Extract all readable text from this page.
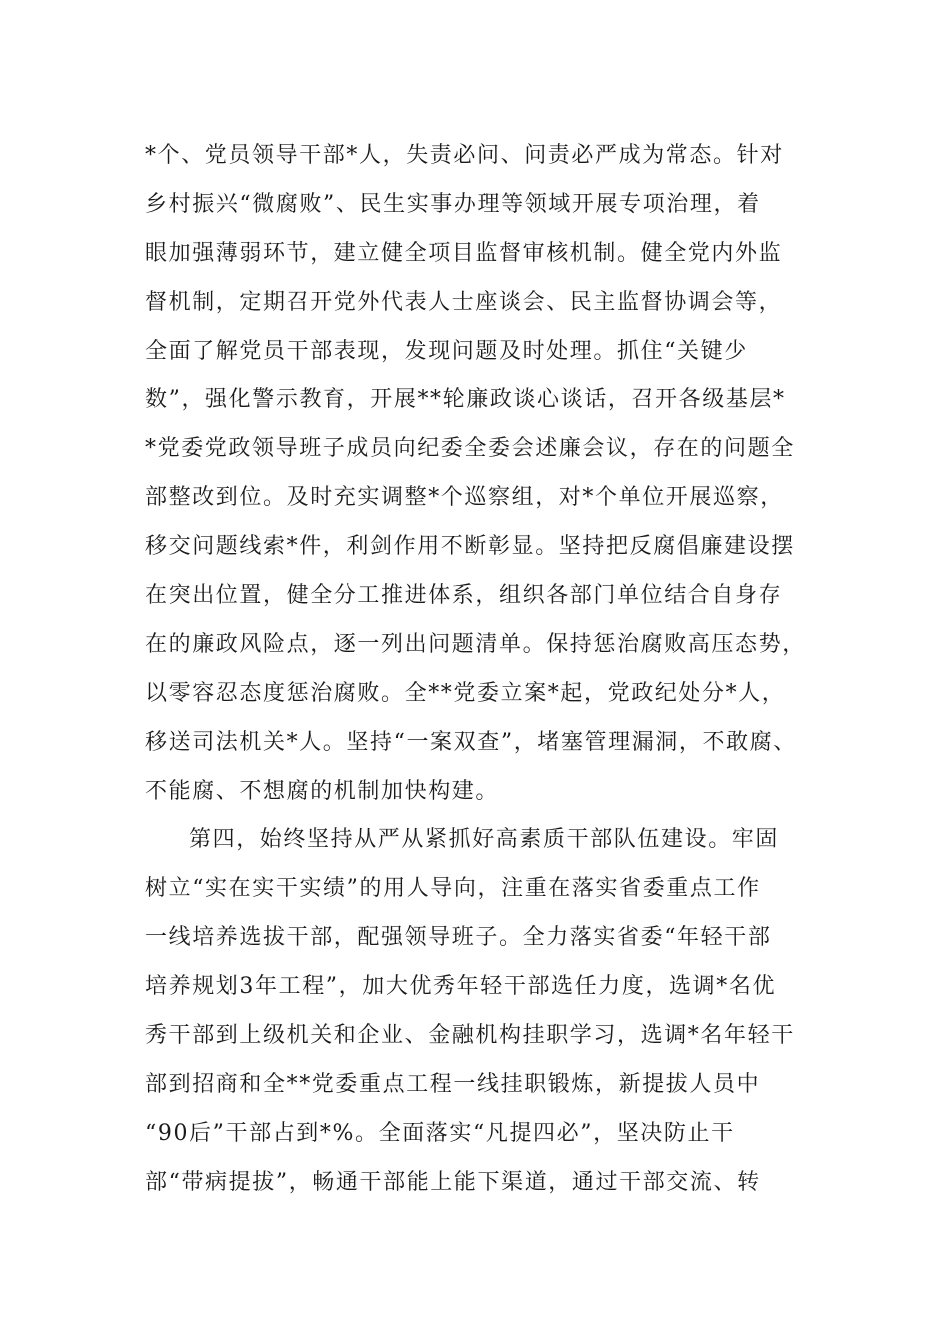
*个、党员领导干部*人，失责必问、问责必严成为常态。针对
乡村振兴“微腐败”、民生实事办理等领域开展专项治理，着
眼加强薄弱环节，建立健全项目监督审核机制。健全党内外监
督机制，定期召开党外代表人士座谈会、民主监督协调会等，
全面了解党员干部表现，发现问题及时处理。抓住“关键少
数”，强化警示教育，开展**轮廉政谈心谈话，召开各级基层*
*党委党政领导班子成员向纪委全委会述廉会议，存在的问题全
部整改到位。及时充实调整*个巡察组，对*个单位开展巡察，
移交问题线索*件，利剑作用不断彰显。坚持把反腐倡廉建设摆
在突出位置，健全分工推进体系，组织各部门单位结合自身存
在的廉政风险点，逐一列出问题清单。保持惩治腐败高压态势，
以零容忍态度惩治腐败。全**党委立案*起，党政纪处分*人，
移送司法机关*人。坚持“一案双查”，堵塞管理漏洞，不敢腐、
不能腐、不想腐的机制加快构建。
第四，始终坚持从严从紧抓好高素质干部队伍建设。牢固
树立“实在实干实绩”的用人导向，注重在落实省委重点工作
一线培养选拔干部，配强领导班子。全力落实省委“年轻干部
培养规划3年工程”，加大优秀年轻干部选任力度，选调*名优
秀干部到上级机关和企业、金融机构挂职学习，选调*名年轻干
部到招商和全**党委重点工程一线挂职锻炼，新提拔人员中
“90后”干部占到*%。全面落实“凡提四必”，坚决防止干
部“带病提拔”，畅通干部能上能下渠道，通过干部交流、转
